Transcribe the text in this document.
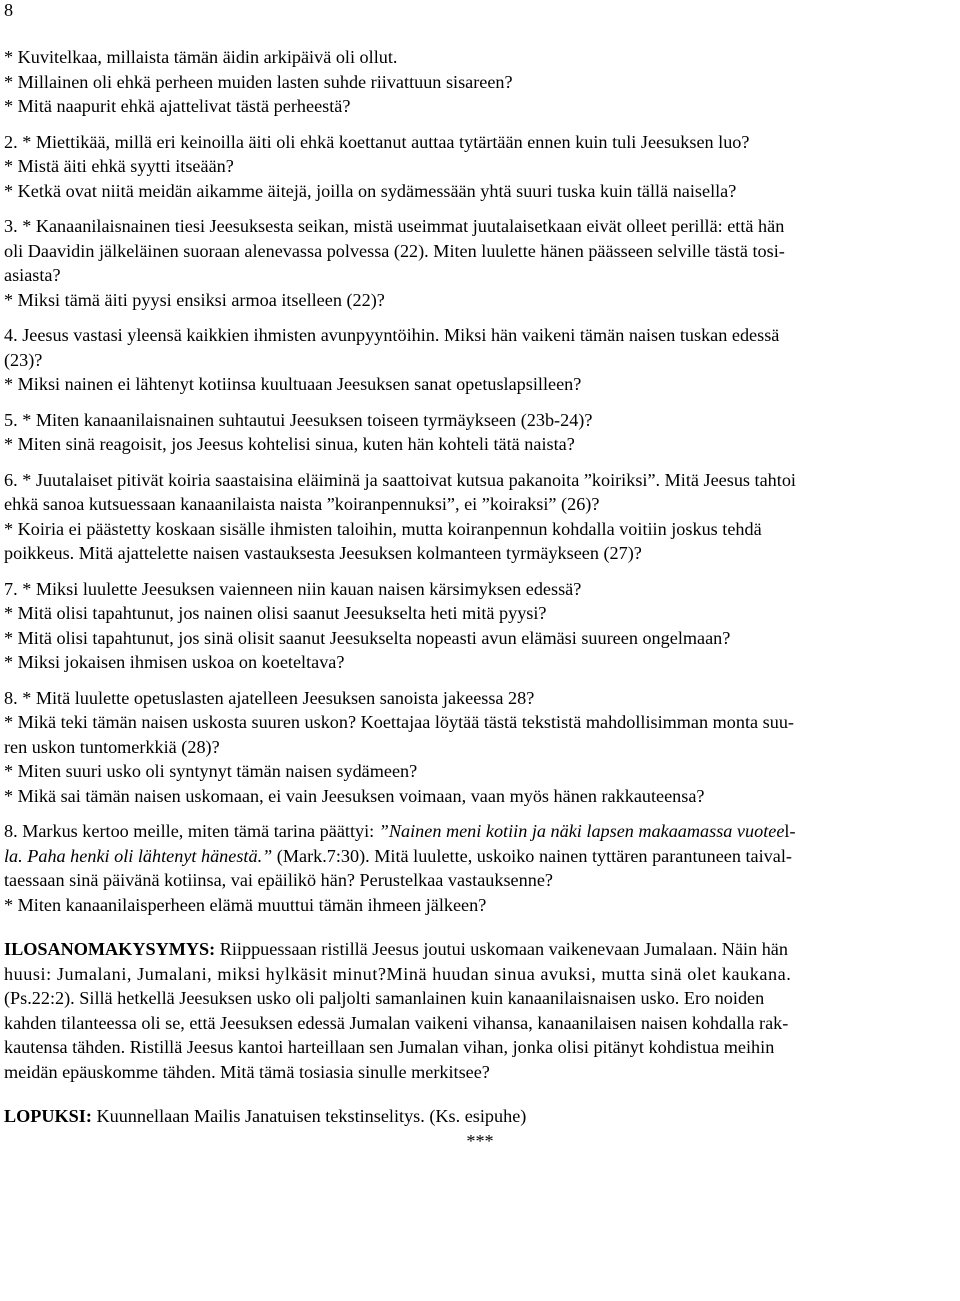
8
* Kuvitelkaa, millaista tämän äidin arkipäivä oli ollut.
* Millainen oli ehkä perheen muiden lasten suhde riivattuun sisareen?
* Mitä naapurit ehkä ajattelivat tästä perheestä?
2. * Miettikää, millä eri keinoilla äiti oli ehkä koettanut auttaa tytärtään ennen kuin tuli Jeesuksen luo?
* Mistä äiti ehkä syytti itseään?
* Ketkä ovat niitä meidän aikamme äitejä, joilla on sydämessään yhtä suuri tuska kuin tällä naisella?
3. * Kanaanilaisnainen tiesi Jeesuksesta seikan, mistä useimmat juutalaisetkaan eivät olleet perillä: että hän
oli Daavidin jälkeläinen suoraan alenevassa polvessa (22). Miten luulette hänen päässeen selville tästä tosi-
asiasta?
* Miksi tämä äiti pyysi ensiksi armoa itselleen (22)?
4. Jeesus vastasi yleensä kaikkien ihmisten avunpyyntöihin. Miksi hän vaikeni tämän naisen tuskan edessä
(23)?
* Miksi nainen ei lähtenyt kotiinsa kuultuaan Jeesuksen sanat opetuslapsilleen?
5. * Miten kanaanilaisnainen suhtautui Jeesuksen toiseen tyrmäykseen (23b-24)?
* Miten sinä reagoisit, jos Jeesus kohtelisi sinua, kuten hän kohteli tätä naista?
6. * Juutalaiset pitivät koiria saastaisina eläiminä ja saattoivat kutsua pakanoita ”koiriksi”. Mitä Jeesus tahtoi
ehkä sanoa kutsuessaan kanaanilaista naista ”koiranpennuksi”, ei ”koiraksi” (26)?
* Koiria ei päästetty koskaan sisälle ihmisten taloihin, mutta koiranpennun kohdalla voitiin joskus tehdä
poikkeus. Mitä ajattelette naisen vastauksesta Jeesuksen kolmanteen tyrmäykseen (27)?
7. * Miksi luulette Jeesuksen vaienneen niin kauan naisen kärsimyksen edessä?
* Mitä olisi tapahtunut, jos nainen olisi saanut Jeesukselta heti mitä pyysi?
* Mitä olisi tapahtunut, jos sinä olisit saanut Jeesukselta nopeasti avun elämäsi suureen ongelmaan?
* Miksi jokaisen ihmisen uskoa on koeteltava?
8. * Mitä luulette opetuslasten ajatelleen Jeesuksen sanoista jakeessa 28?
* Mikä teki tämän naisen uskosta suuren uskon? Koettajaa löytää tästä tekstistä mahdollisimman monta suu-
ren uskon tuntomerkkiä (28)?
* Miten suuri usko oli syntynyt tämän naisen sydämeen?
* Mikä sai tämän naisen uskomaan, ei vain Jeesuksen voimaan, vaan myös hänen rakkauteensa?
8. Markus kertoo meille, miten tämä tarina päättyi: ”Nainen meni kotiin ja näki lapsen makaamassa vuoteel-
la. Paha henki oli lähtenyt hänestä.” (Mark.7:30). Mitä luulette, uskoiko nainen tyttären parantuneen taival-
taessaan sinä päivänä kotiinsa, vai epäilikö hän? Perustelkaa vastauksenne?
* Miten kanaanilaisperheen elämä muuttui tämän ihmeen jälkeen?
ILOSANOMAKYSYMYS: Riippuessaan ristillä Jeesus joutui uskomaan vaikenevaan Jumalaan. Näin hän
huusi: Jumalani, Jumalani, miksi hylkäsit minut?Minä huudan sinua avuksi, mutta sinä olet kaukana.
(Ps.22:2). Sillä hetkellä Jeesuksen usko oli paljolti samanlainen kuin kanaanilaisnaisen usko. Ero noiden
kahden tilanteessa oli se, että Jeesuksen edessä Jumalan vaikeni vihansa, kanaanilaisen naisen kohdalla rak-
kautensa tähden. Ristillä Jeesus kantoi harteillaan sen Jumalan vihan, jonka olisi pitänyt kohdistua meihin
meidän epäuskomme tähden. Mitä tämä tosiasia sinulle merkitsee?
LOPUKSI: Kuunnellaan Mailis Janatuisen tekstinselitys. (Ks. esipuhe)
***
